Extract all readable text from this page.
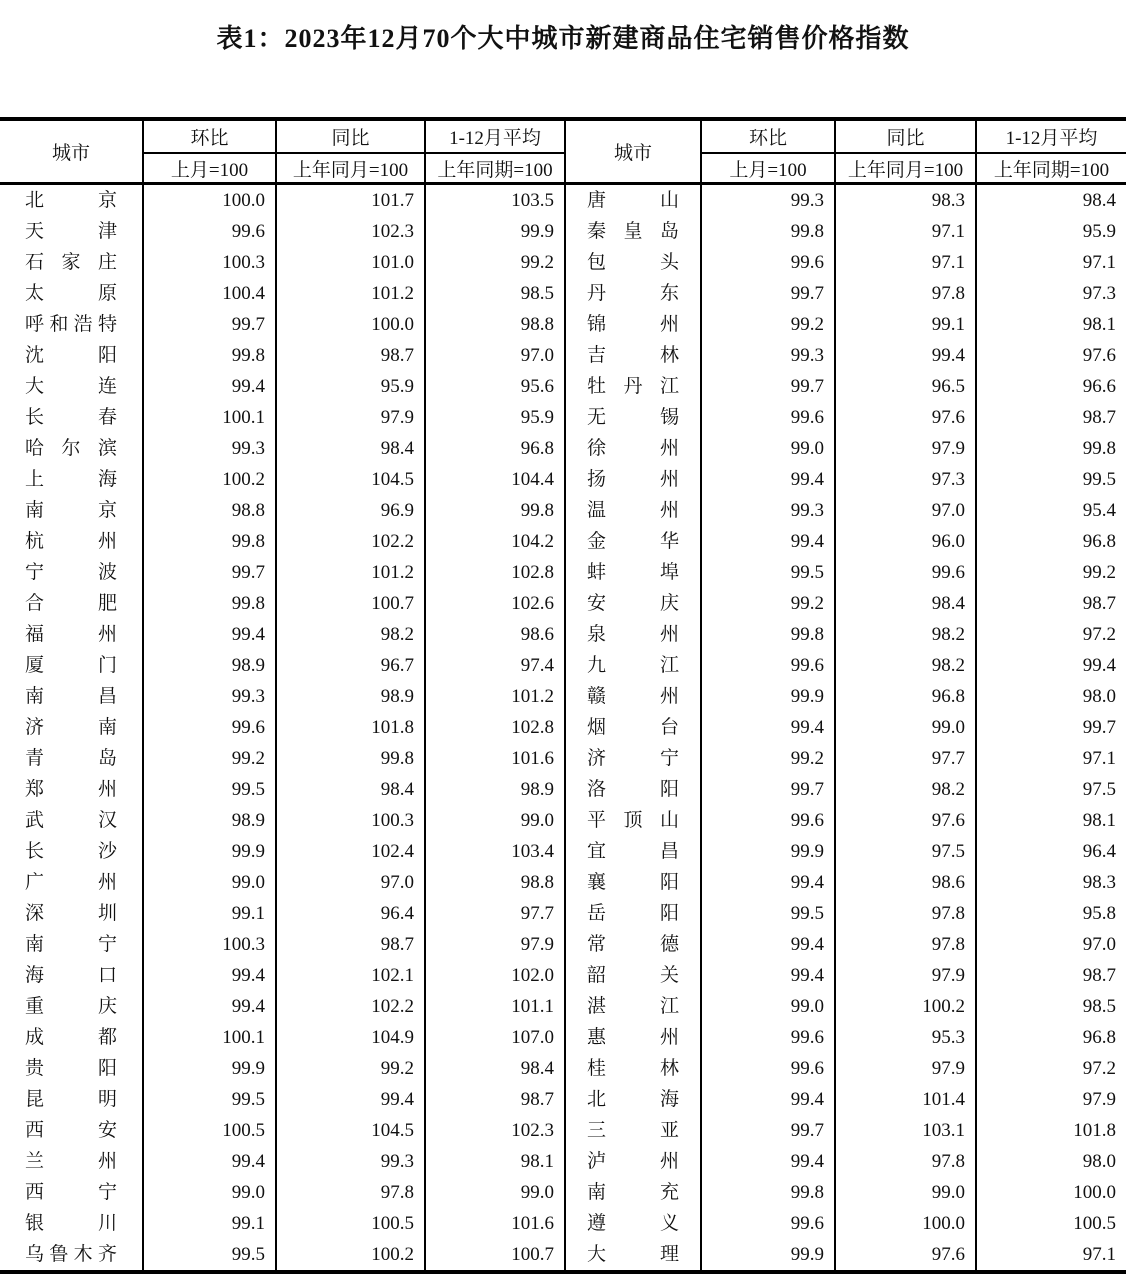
表1：2023年12月70个大中城市新建商品住宅销售价格指数
城市	环比	同比	1-12月平均	城市	环比	同比	1-12月平均
	上月=100	上年同月=100	上年同期=100		上月=100	上年同月=100	上年同期=100
北京	100.0	101.7	103.5	唐山	99.3	98.3	98.4
天津	99.6	102.3	99.9	秦皇岛	99.8	97.1	95.9
石家庄	100.3	101.0	99.2	包头	99.6	97.1	97.1
太原	100.4	101.2	98.5	丹东	99.7	97.8	97.3
呼和浩特	99.7	100.0	98.8	锦州	99.2	99.1	98.1
沈阳	99.8	98.7	97.0	吉林	99.3	99.4	97.6
大连	99.4	95.9	95.6	牡丹江	99.7	96.5	96.6
长春	100.1	97.9	95.9	无锡	99.6	97.6	98.7
哈尔滨	99.3	98.4	96.8	徐州	99.0	97.9	99.8
上海	100.2	104.5	104.4	扬州	99.4	97.3	99.5
南京	98.8	96.9	99.8	温州	99.3	97.0	95.4
杭州	99.8	102.2	104.2	金华	99.4	96.0	96.8
宁波	99.7	101.2	102.8	蚌埠	99.5	99.6	99.2
合肥	99.8	100.7	102.6	安庆	99.2	98.4	98.7
福州	99.4	98.2	98.6	泉州	99.8	98.2	97.2
厦门	98.9	96.7	97.4	九江	99.6	98.2	99.4
南昌	99.3	98.9	101.2	赣州	99.9	96.8	98.0
济南	99.6	101.8	102.8	烟台	99.4	99.0	99.7
青岛	99.2	99.8	101.6	济宁	99.2	97.7	97.1
郑州	99.5	98.4	98.9	洛阳	99.7	98.2	97.5
武汉	98.9	100.3	99.0	平顶山	99.6	97.6	98.1
长沙	99.9	102.4	103.4	宜昌	99.9	97.5	96.4
广州	99.0	97.0	98.8	襄阳	99.4	98.6	98.3
深圳	99.1	96.4	97.7	岳阳	99.5	97.8	95.8
南宁	100.3	98.7	97.9	常德	99.4	97.8	97.0
海口	99.4	102.1	102.0	韶关	99.4	97.9	98.7
重庆	99.4	102.2	101.1	湛江	99.0	100.2	98.5
成都	100.1	104.9	107.0	惠州	99.6	95.3	96.8
贵阳	99.9	99.2	98.4	桂林	99.6	97.9	97.2
昆明	99.5	99.4	98.7	北海	99.4	101.4	97.9
西安	100.5	104.5	102.3	三亚	99.7	103.1	101.8
兰州	99.4	99.3	98.1	泸州	99.4	97.8	98.0
西宁	99.0	97.8	99.0	南充	99.8	99.0	100.0
银川	99.1	100.5	101.6	遵义	99.6	100.0	100.5
乌鲁木齐	99.5	100.2	100.7	大理	99.9	97.6	97.1
